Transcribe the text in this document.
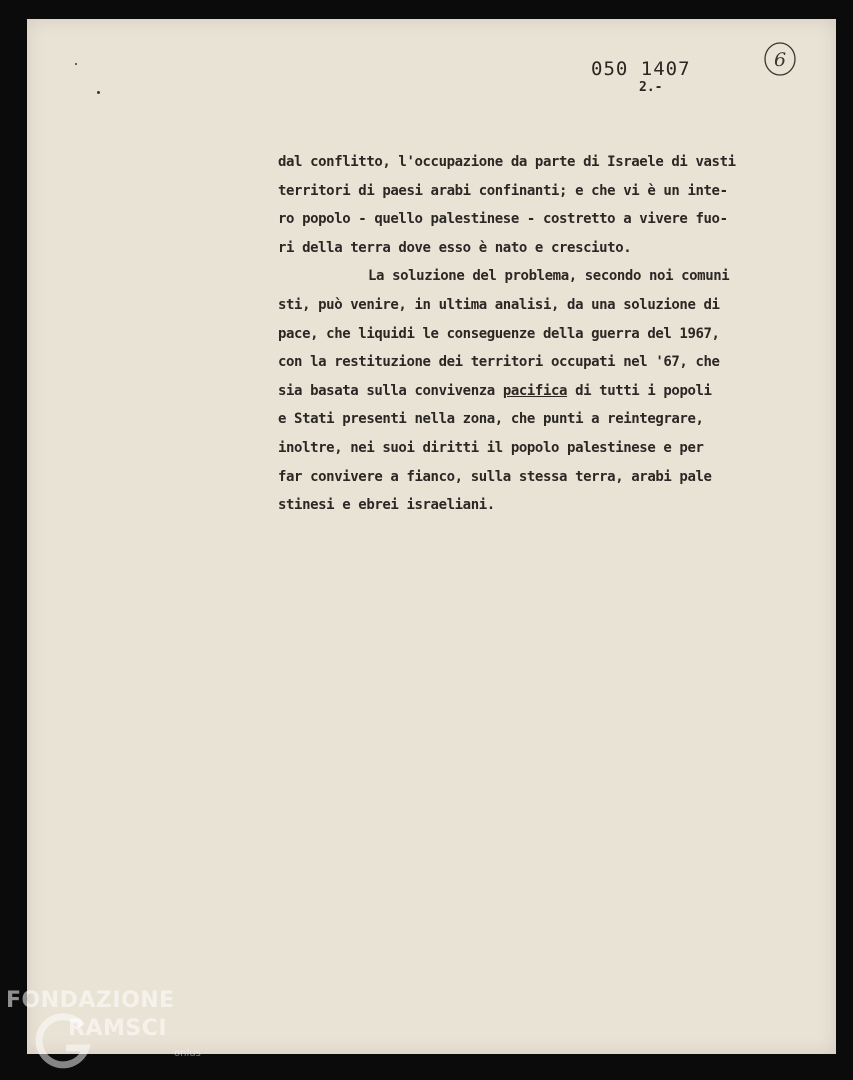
050 1407
2.-
6
dal conflitto, l'occupazione da parte di Israele di vasti
territori di paesi arabi confinanti; e che vi è un inte-
ro popolo - quello palestinese - costretto a vivere fuo-
ri della terra dove esso è nato e cresciuto.
La soluzione del problema, secondo noi comuni
sti, può venire, in ultima analisi, da una soluzione di
pace, che liquidi le conseguenze della guerra del 1967,
con la restituzione dei territori occupati nel '67, che
sia basata sulla convivenza pacifica di tutti i popoli
e Stati presenti nella zona, che punti a reintegrare,
inoltre, nei suoi diritti il popolo palestinese e per
far convivere a fianco, sulla stessa terra, arabi pale
stinesi e ebrei israeliani.
FONDAZIONE
RAMSCI
onlus
